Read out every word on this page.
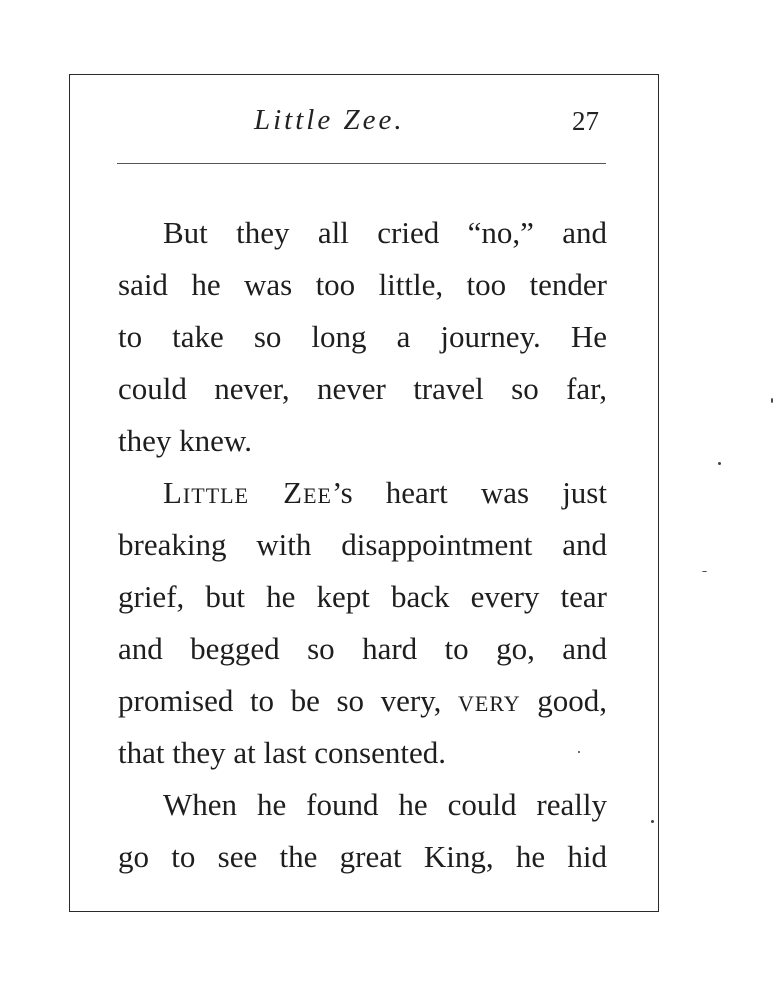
Little Zee.	27

But they all cried “no,” and

said he was too little, too tender

to take so long a journey. He

could never, never travel so far,

they knew.

Little Zee’s heart was just

breaking with disappointment and

grief, but he kept back every tear

and begged so hard to go, and

promised to be so very, very good,

that they at last consented.

When he found he could really

go to see the great King, he hid
